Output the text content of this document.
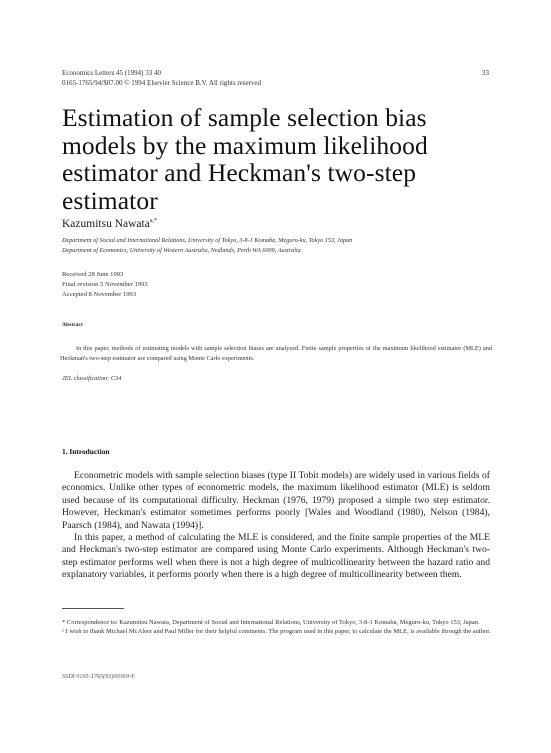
Economics Letters 45 (1994) 33 40
0165-1765/94/$07.00 © 1994 Elsevier Science B.V. All rights reserved
33
Estimation of sample selection bias models by the maximum likelihood estimator and Heckman's two-step estimator
Kazumitsu Nawata$^{a,*}$
Department of Social and International Relations, University of Tokyo, 3-8-1 Komaba, Meguro-ku, Tokyo 153, Japan
Department of Economics, University of Western Australia, Nedlands, Perth WA 6009, Australia
Received 28 June 1993
Final revision 5 November 1993
Accepted 8 November 1993
Abstract
In this paper, methods of estimating models with sample selection biases are analyzed. Finite sample properties of the maximum likelihood estimator (MLE) and Heckman's two-step estimator are compared using Monte Carlo experiments.
JEL classification: C34
1. Introduction

Econometric models with sample selection biases (type II Tobit models) are widely used in various fields of economics. Unlike other types of econometric models, the maximum likelihood estimator (MLE) is seldom used because of its computational difficulty. Heckman (1976, 1979) proposed a simple two step estimator. However, Heckman's estimator sometimes performs poorly [Wales and Woodland (1980), Nelson (1984), Paarsch (1984), and Nawata (1994)].

In this paper, a method of calculating the MLE is considered, and the finite sample properties of the MLE and Heckman's two-step estimator are compared using Monte Carlo experiments. Although Heckman's two-step estimator performs well when there is not a high degree of multicollinearity between the hazard ratio and explanatory variables, it performs poorly when there is a high degree of multicollinearity between them.

* Correspondence to: Kazumitsu Nawata, Department of Social and International Relations, University of Tokyo, 3-8-1 Komaba, Meguro-ku, Tokyo 153, Japan.

¹ I wish to thank Michael McAleer and Paul Miller for their helpful comments. The program used in this paper, to calculate the MLE, is available through the author.

SSDI 0165-1765(93)00369-Y
